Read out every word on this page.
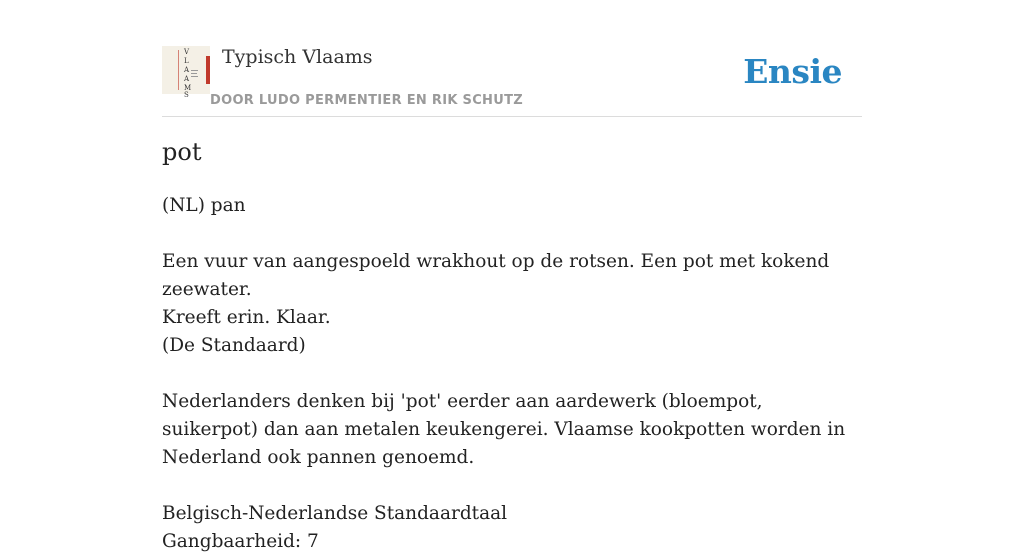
V
L
A
A
M
S
Typisch Vlaams
DOOR LUDO PERMENTIER EN RIK SCHUTZ
Ensie
pot

(NL) pan

Een vuur van aangespoeld wrakhout op de rotsen. Een pot met kokend zeewater.

Kreeft erin. Klaar.

(De Standaard)

Nederlanders denken bij 'pot' eerder aan aardewerk (bloempot, suikerpot) dan aan metalen keukengerei. Vlaamse kookpotten worden in Nederland ook pannen genoemd.

Belgisch-Nederlandse Standaardtaal

Gangbaarheid: 7
